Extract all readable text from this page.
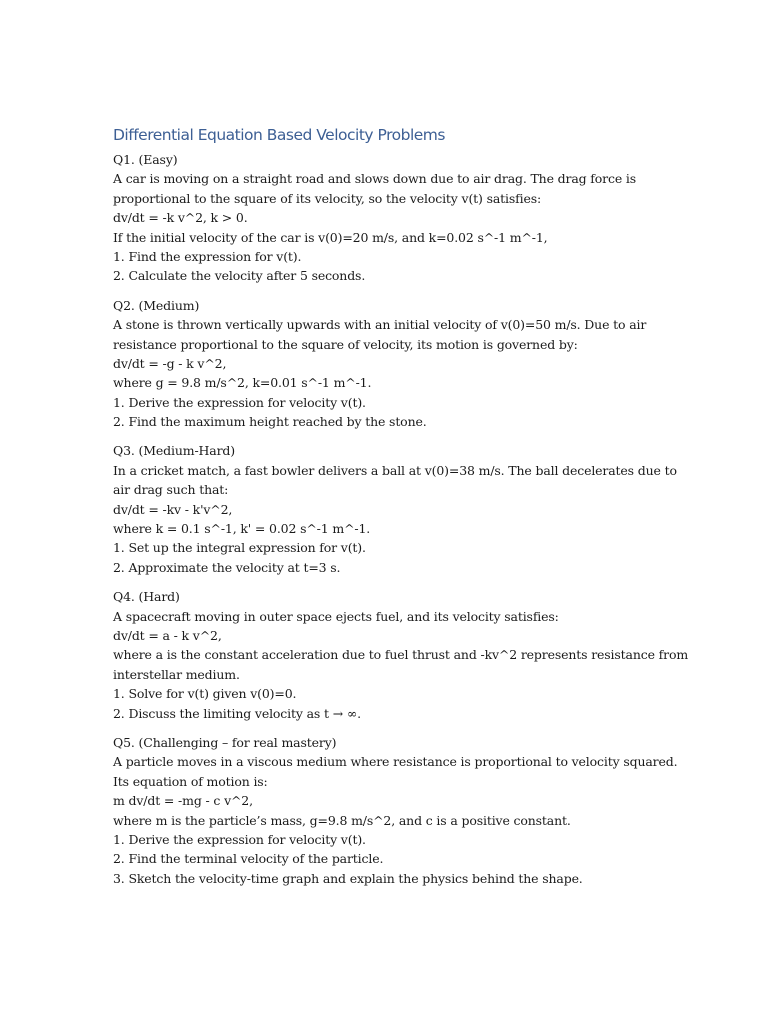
Differential Equation Based Velocity Problems
Q1. (Easy)
A car is moving on a straight road and slows down due to air drag. The drag force is
proportional to the square of its velocity, so the velocity v(t) satisfies:
dv/dt = -k v^2, k > 0.
If the initial velocity of the car is v(0)=20 m/s, and k=0.02 s^-1 m^-1,
1. Find the expression for v(t).
2. Calculate the velocity after 5 seconds.
Q2. (Medium)
A stone is thrown vertically upwards with an initial velocity of v(0)=50 m/s. Due to air
resistance proportional to the square of velocity, its motion is governed by:
dv/dt = -g - k v^2,
where g = 9.8 m/s^2, k=0.01 s^-1 m^-1.
1. Derive the expression for velocity v(t).
2. Find the maximum height reached by the stone.
Q3. (Medium-Hard)
In a cricket match, a fast bowler delivers a ball at v(0)=38 m/s. The ball decelerates due to
air drag such that:
dv/dt = -kv - k'v^2,
where k = 0.1 s^-1, k' = 0.02 s^-1 m^-1.
1. Set up the integral expression for v(t).
2. Approximate the velocity at t=3 s.
Q4. (Hard)
A spacecraft moving in outer space ejects fuel, and its velocity satisfies:
dv/dt = a - k v^2,
where a is the constant acceleration due to fuel thrust and -kv^2 represents resistance from
interstellar medium.
1. Solve for v(t) given v(0)=0.
2. Discuss the limiting velocity as t → ∞.
Q5. (Challenging – for real mastery)
A particle moves in a viscous medium where resistance is proportional to velocity squared.
Its equation of motion is:
m dv/dt = -mg - c v^2,
where m is the particle’s mass, g=9.8 m/s^2, and c is a positive constant.
1. Derive the expression for velocity v(t).
2. Find the terminal velocity of the particle.
3. Sketch the velocity-time graph and explain the physics behind the shape.
